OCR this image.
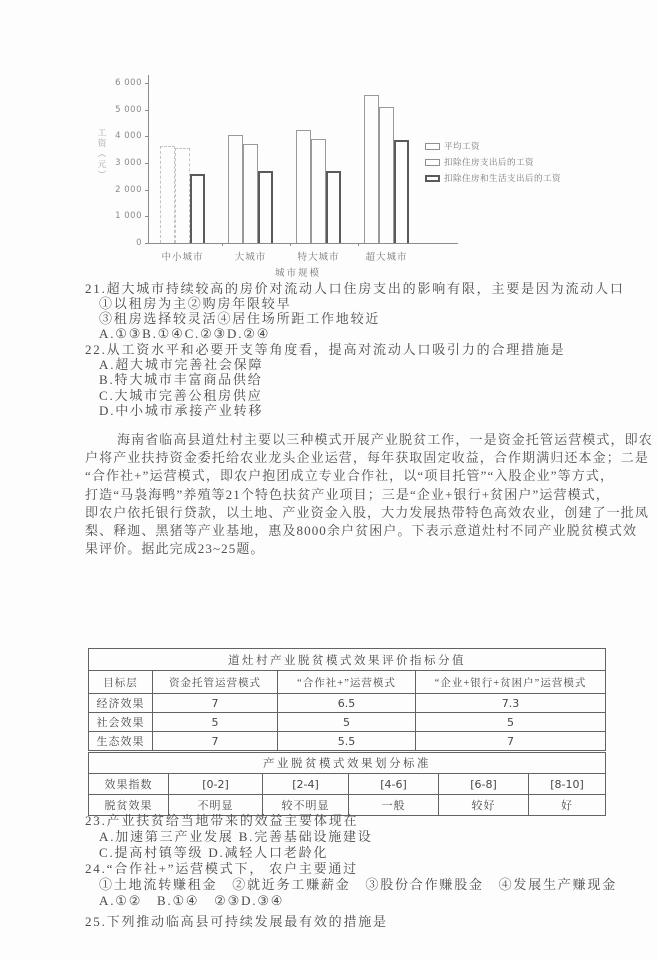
0
1 000
2 000
3 000
4 000
5 000
6 000
中小城市	大城市	特大城市	超大城市
城市规模
工资（元）	平均工资
扣除住房支出后的工资
扣除住房和生活支出后的工资
21.超大城市持续较高的房价对流动人口住房支出的影响有限，主要是因为流动人口
①以租房为主②购房年限较早
③租房选择较灵活④居住场所距工作地较近
A.①③B.①④C.②③D.②④
22.从工资水平和必要开支等角度看，提高对流动人口吸引力的合理措施是
A.超大城市完善社会保障
B.特大城市丰富商品供给
C.大城市完善公租房供应
D.中小城市承接产业转移
海南省临高县道灶村主要以三种模式开展产业脱贫工作，一是资金托管运营模式，即农
户将产业扶持资金委托给农业龙头企业运营，每年获取固定收益，合作期满归还本金；二是
“合作社+”运营模式，即农户抱团成立专业合作社，以“项目托管”“入股企业”等方式，
打造“马袅海鸭”养殖等21个特色扶贫产业项目；三是“企业+银行+贫困户”运营模式，
即农户依托银行贷款，以土地、产业资金入股，大力发展热带特色高效农业，创建了一批凤
梨、释迦、黑猪等产业基地，惠及8000余户贫困户。下表示意道灶村不同产业脱贫模式效
果评价。据此完成23~25题。
道灶村产业脱贫模式效果评价指标分值			
目标层	资金托管运营模式	“合作社+”运营模式	“企业+银行+贫困户”运营模式
经济效果	7	6.5	7.3
社会效果	5	5	5
生态效果	7	5.5	7
产业脱贫模式效果划分标准					
效果指数	[0-2]	[2-4]	[4-6]	[6-8]	[8-10]
脱贫效果	不明显	较不明显	一般	较好	好
23.产业扶贫给当地带来的效益主要体现在
A.加速第三产业发展 B.完善基础设施建设
C.提高村镇等级 D.减轻人口老龄化
24.“合作社+”运营模式下， 农户主要通过
①土地流转赚租金　②就近务工赚薪金　③股份合作赚股金　④发展生产赚现金
A.①②　B.①④　②③D.③④
25.下列推动临高县可持续发展最有效的措施是
